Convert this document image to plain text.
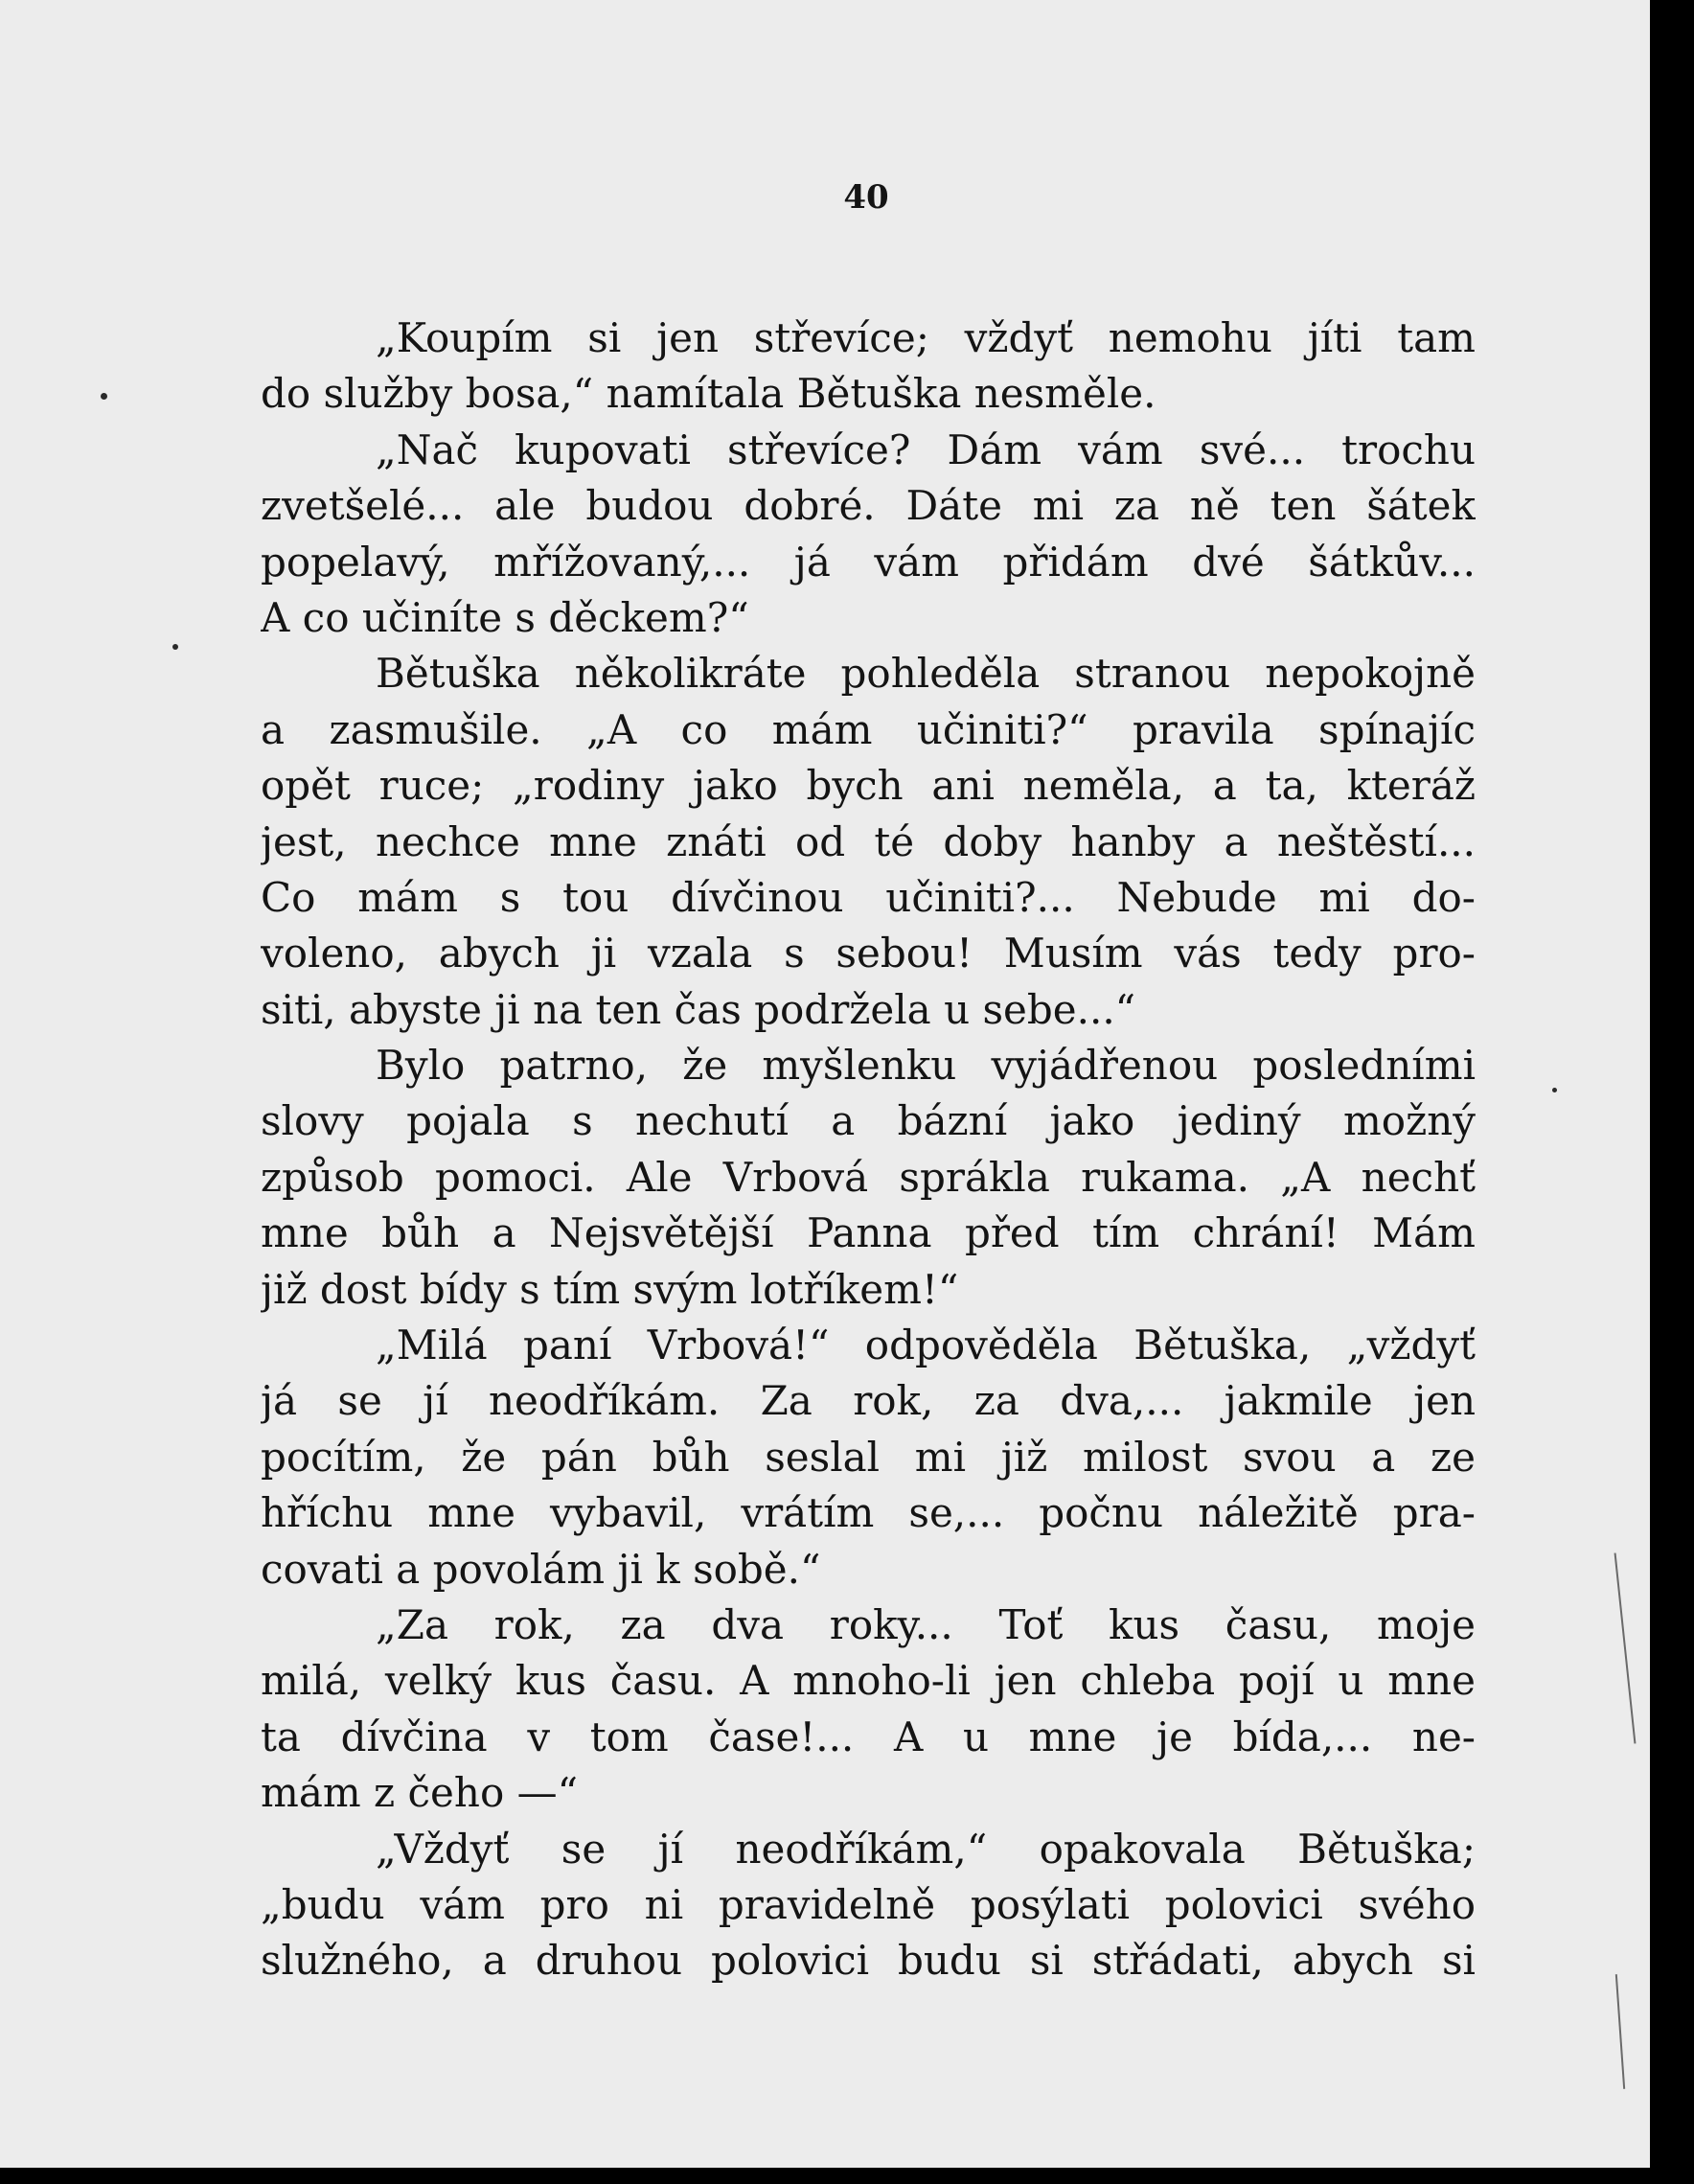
40
„Koupím si jen střevíce; vždyť nemohu jíti tam
do služby bosa,“ namítala Bětuška nesměle.
„Nač kupovati střevíce? Dám vám své... trochu
zvetšelé... ale budou dobré. Dáte mi za ně ten šátek
popelavý, mřížovaný,... já vám přidám dvé šátkův...
A co učiníte s děckem?“
Bětuška několikráte pohleděla stranou nepokojně
a zasmušile. „A co mám učiniti?“ pravila spínajíc
opět ruce; „rodiny jako bych ani neměla, a ta, kteráž
jest, nechce mne znáti od té doby hanby a neštěstí...
Co mám s tou dívčinou učiniti?... Nebude mi do-
voleno, abych ji vzala s sebou! Musím vás tedy pro-
siti, abyste ji na ten čas podržela u sebe...“
Bylo patrno, že myšlenku vyjádřenou posledními
slovy pojala s nechutí a bázní jako jediný možný
způsob pomoci. Ale Vrbová sprákla rukama. „A nechť
mne bůh a Nejsvětější Panna před tím chrání! Mám
již dost bídy s tím svým lotříkem!“
„Milá paní Vrbová!“ odpověděla Bětuška, „vždyť
já se jí neodříkám. Za rok, za dva,... jakmile jen
pocítím, že pán bůh seslal mi již milost svou a ze
hříchu mne vybavil, vrátím se,... počnu náležitě pra-
covati a povolám ji k sobě.“
„Za rok, za dva roky... Toť kus času, moje
milá, velký kus času. A mnoho-li jen chleba pojí u mne
ta dívčina v tom čase!... A u mne je bída,... ne-
mám z čeho —“
„Vždyť se jí neodříkám,“ opakovala Bětuška;
„budu vám pro ni pravidelně posýlati polovici svého
služného, a druhou polovici budu si střádati, abych si
